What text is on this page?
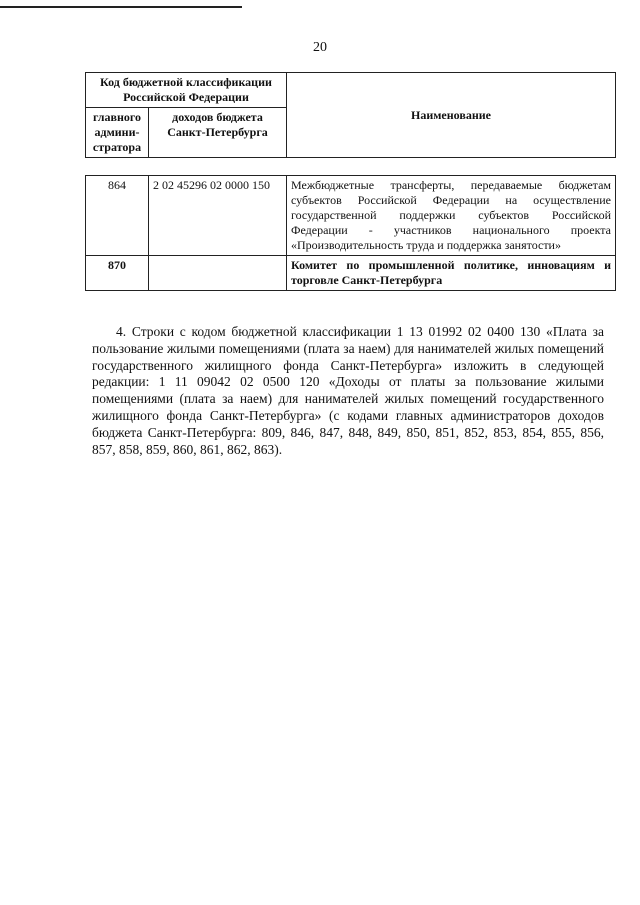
20
Код бюджетной классификации Российской Федерации		Наименование
главного админи-стратора	доходов бюджета Санкт-Петербурга	
864	2 02 45296 02 0000 150	Межбюджетные трансферты, передаваемые бюджетам субъектов Российской Федерации на осуществление государственной поддержки субъектов Российской Федерации - участников национального проекта «Производительность труда и поддержка занятости»
870		Комитет по промышленной политике, инновациям и торговле Санкт-Петербурга
4. Строки с кодом бюджетной классификации 1 13 01992 02 0400 130 «Плата за пользование жилыми помещениями (плата за наем) для нанимателей жилых помещений государственного жилищного фонда Санкт-Петербурга» изложить в следующей редакции: 1 11 09042 02 0500 120 «Доходы от платы за пользование жилыми помещениями (плата за наем) для нанимателей жилых помещений государственного жилищного фонда Санкт-Петербурга» (с кодами главных администраторов доходов бюджета Санкт-Петербурга: 809, 846, 847, 848, 849, 850, 851, 852, 853, 854, 855, 856, 857, 858, 859, 860, 861, 862, 863).
